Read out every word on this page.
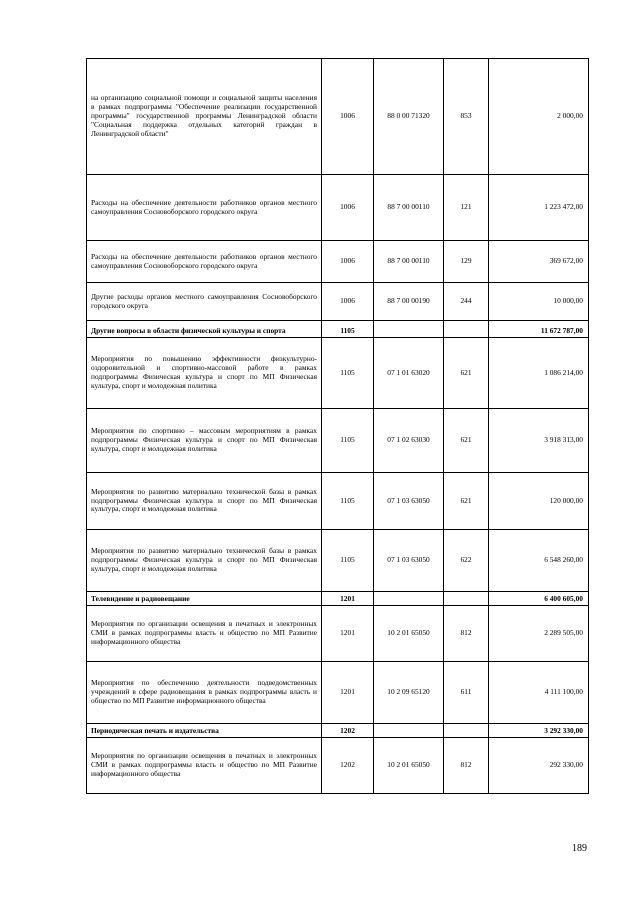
на организацию социальной помощи и социальной защиты населения в рамках подпрограммы "Обеспечение реализации государственной программы" государственной программы Ленинградской области "Социальная поддержка отдельных категорий граждан в Ленинградской области"	1006	88 0 00 71320	853	2 000,00
Расходы на обеспечение деятельности работников органов местного самоуправления Сосновоборского городского округа	1006	88 7 00 00110	121	1 223 472,00
Расходы на обеспечение деятельности работников органов местного самоуправления Сосновоборского городского округа	1006	88 7 00 00110	129	369 672,00
Другие расходы органов местного самоуправления Сосновоборского городского округа	1006	88 7 00 00190	244	10 000,00
Другие вопросы в области физической культуры и спорта	1105			11 672 787,00
Мероприятия по повышению эффективности физкультурно-оздоровительной и спортивно-массовой работе в рамках подпрограммы Физическая культура и спорт по МП Физическая культура, спорт и молодежная политика	1105	07 1 01 63020	621	1 086 214,00
Мероприятия по спортивно – массовым мероприятиям в рамках подпрограммы Физическая культура и спорт по МП Физическая культура, спорт и молодежная политика	1105	07 1 02 63030	621	3 918 313,00
Мероприятия по развитию материально технической базы в рамках подпрограммы Физическая культура и спорт по МП Физическая культура, спорт и молодежная политика	1105	07 1 03 63050	621	120 000,00
Мероприятия по развитию материально технической базы в рамках подпрограммы Физическая культура и спорт по МП Физическая культура, спорт и молодежная политика	1105	07 1 03 63050	622	6 548 260,00
Телевидение и радиовещание	1201			6 400 605,00
Мероприятия по организации освещения в печатных и электронных СМИ в рамках подпрограммы власть и общество по МП Развитие информационного общества	1201	10 2 01 65050	812	2 289 505,00
Мероприятия по обеспечению деятельности подведомственных учреждений в сфере радиовещания в рамках подпрограммы власть и общество по МП Развитие информационного общества	1201	10 2 09 65120	611	4 111 100,00
Периодическая печать и издательства	1202			3 292 330,00
Мероприятия по организации освещения в печатных и электронных СМИ в рамках подпрограммы власть и общество по МП Развитие информационного общества	1202	10 2 01 65050	812	292 330,00
189
